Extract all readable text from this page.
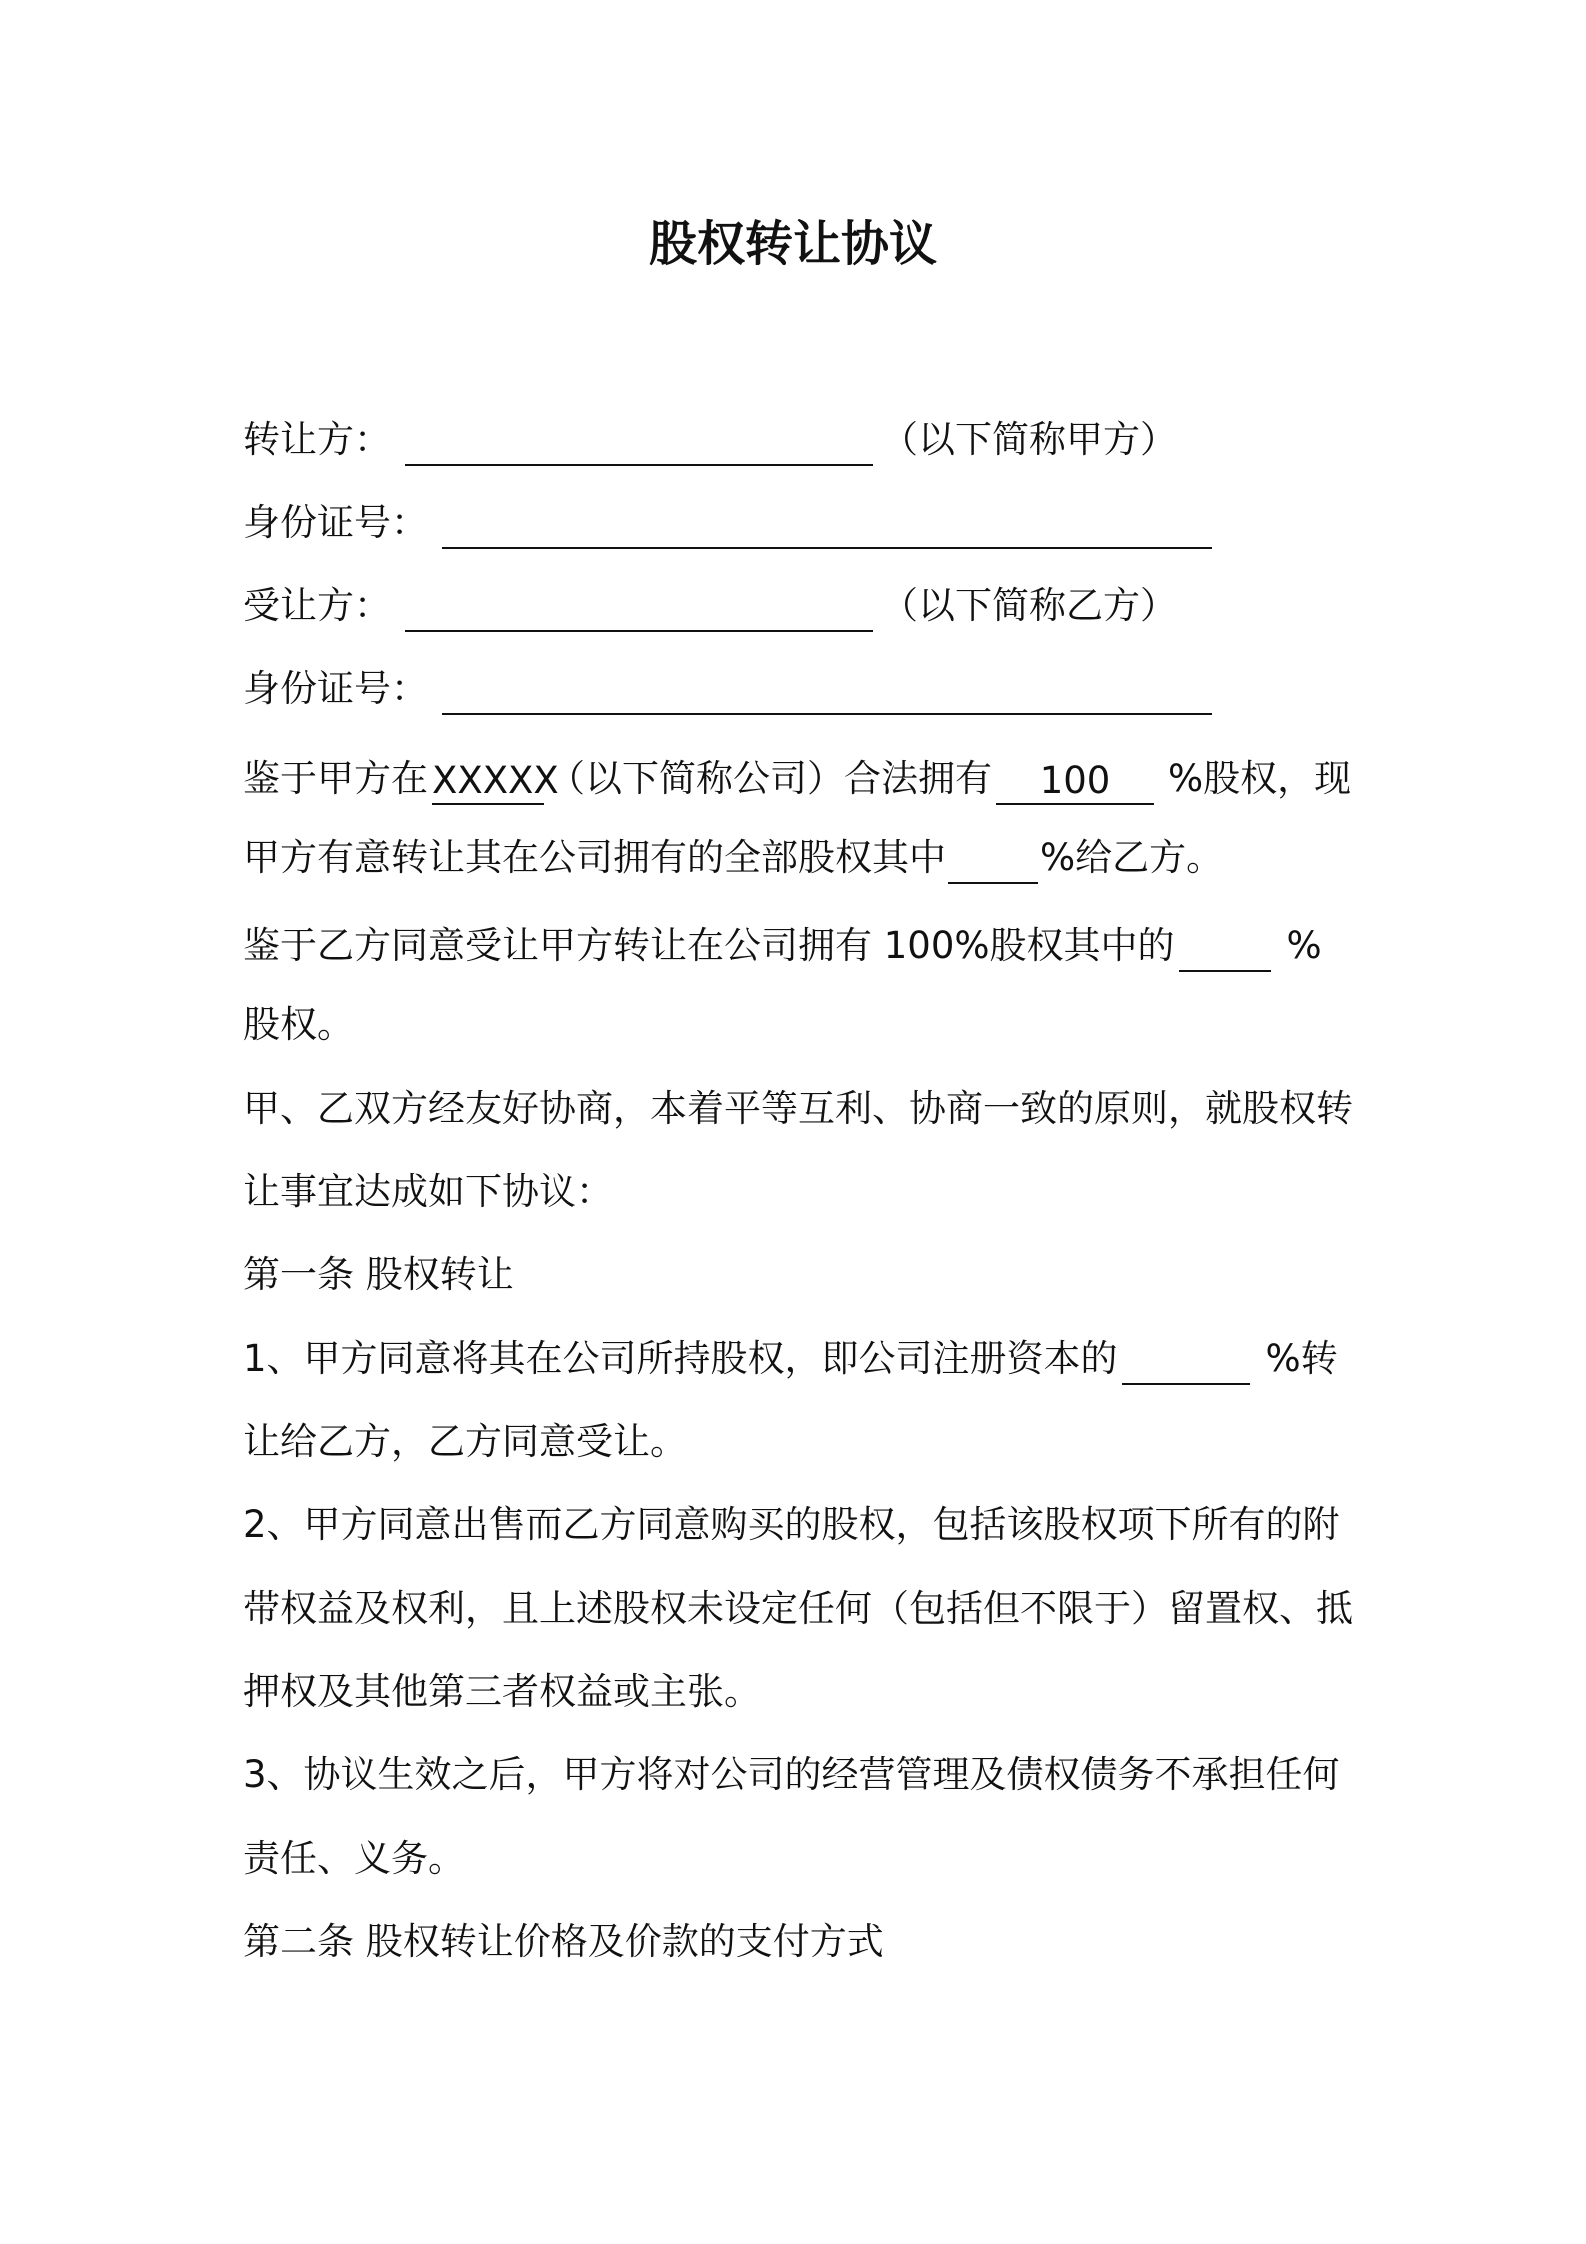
股权转让协议
转让方：	（以下简称甲方）
身份证号：
受让方：	（以下简称乙方）
身份证号：
鉴于甲方在 XXXXX（以下简称公司）合法拥有 100 %股权，现
甲方有意转让其在公司拥有的全部股权其中	%给乙方。
鉴于乙方同意受让甲方转让在公司拥有 100%股权其中的	%
股权。
甲、乙双方经友好协商，本着平等互利、协商一致的原则，就股权转
让事宜达成如下协议：
第一条 股权转让
1、甲方同意将其在公司所持股权，即公司注册资本的	%转
让给乙方，乙方同意受让。
2、甲方同意出售而乙方同意购买的股权，包括该股权项下所有的附
带权益及权利，且上述股权未设定任何（包括但不限于）留置权、抵
押权及其他第三者权益或主张。
3、协议生效之后，甲方将对公司的经营管理及债权债务不承担任何
责任、义务。
第二条 股权转让价格及价款的支付方式
